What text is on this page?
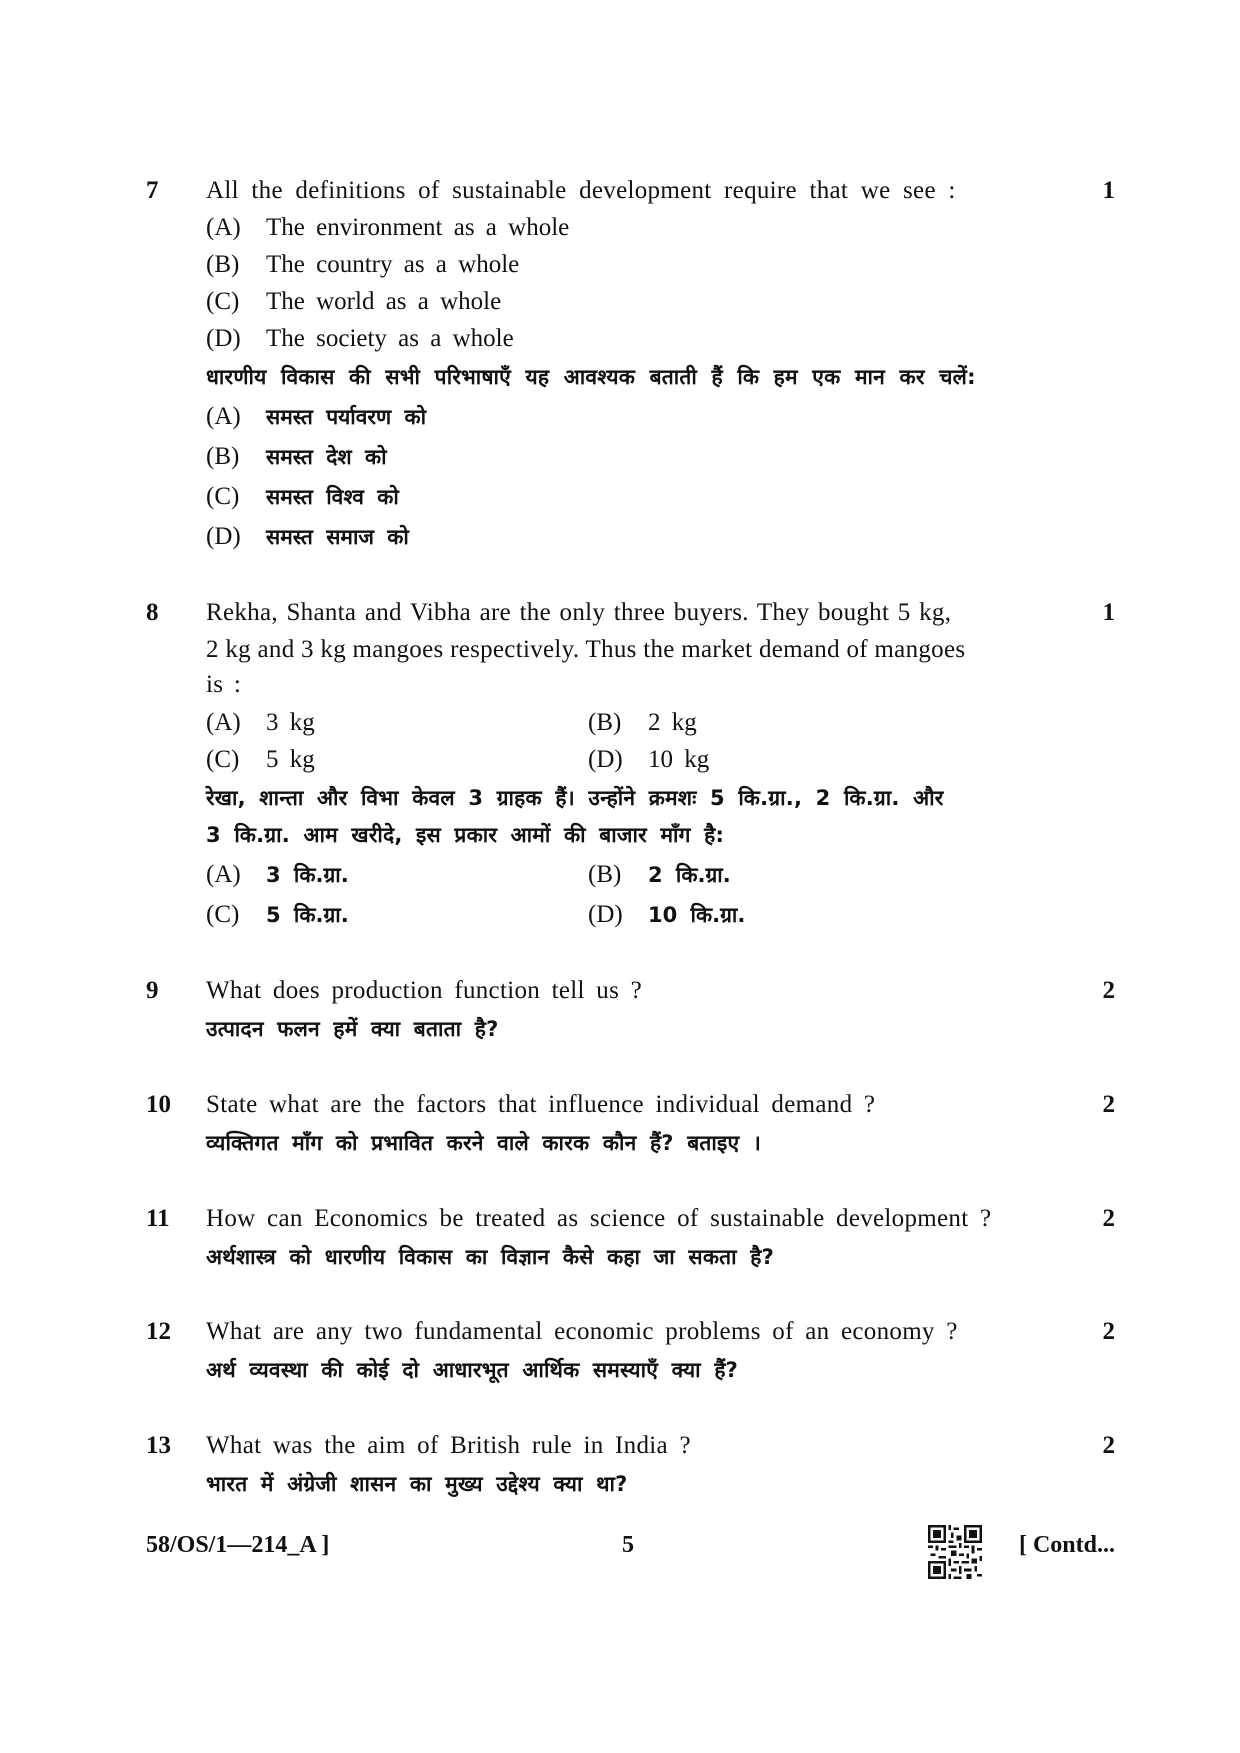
7 All the definitions of sustainable development require that we see :	1
(A) The environment as a whole
(B) The country as a whole
(C) The world as a whole
(D) The society as a whole
धारणीय विकास की सभी परिभाषाएँ यह आवश्यक बताती हैं कि हम एक मान कर चलें:
(A) समस्त पर्यावरण को
(B) समस्त देश को
(C) समस्त विश्व को
(D) समस्त समाज को
8 Rekha, Shanta and Vibha are the only three buyers. They bought 5 kg,
2 kg and 3 kg mangoes respectively. Thus the market demand of mangoes
is :
1
(A) 3 kg	(B) 2 kg
(C) 5 kg	(D) 10 kg
रेखा, शान्ता और विभा केवल 3 ग्राहक हैं। उन्होंने क्रमशः 5 कि.ग्रा., 2 कि.ग्रा. और
3 कि.ग्रा. आम खरीदे, इस प्रकार आमों की बाजार माँग है:
(A) 3 कि.ग्रा.	(B) 2 कि.ग्रा.
(C) 5 कि.ग्रा.	(D) 10 कि.ग्रा.
9 What does production function tell us ?	2
उत्पादन फलन हमें क्या बताता है?
10 State what are the factors that influence individual demand ?	2
व्यक्तिगत माँग को प्रभावित करने वाले कारक कौन हैं? बताइए ।
11 How can Economics be treated as science of sustainable development ?	2
अर्थशास्त्र को धारणीय विकास का विज्ञान कैसे कहा जा सकता है?
12 What are any two fundamental economic problems of an economy ?	2
अर्थ व्यवस्था की कोई दो आधारभूत आर्थिक समस्याएँ क्या हैं?
13 What was the aim of British rule in India ?	2
भारत में अंग्रेजी शासन का मुख्य उद्देश्य क्या था?
58/OS/1—214_A ]	5	[ Contd...
